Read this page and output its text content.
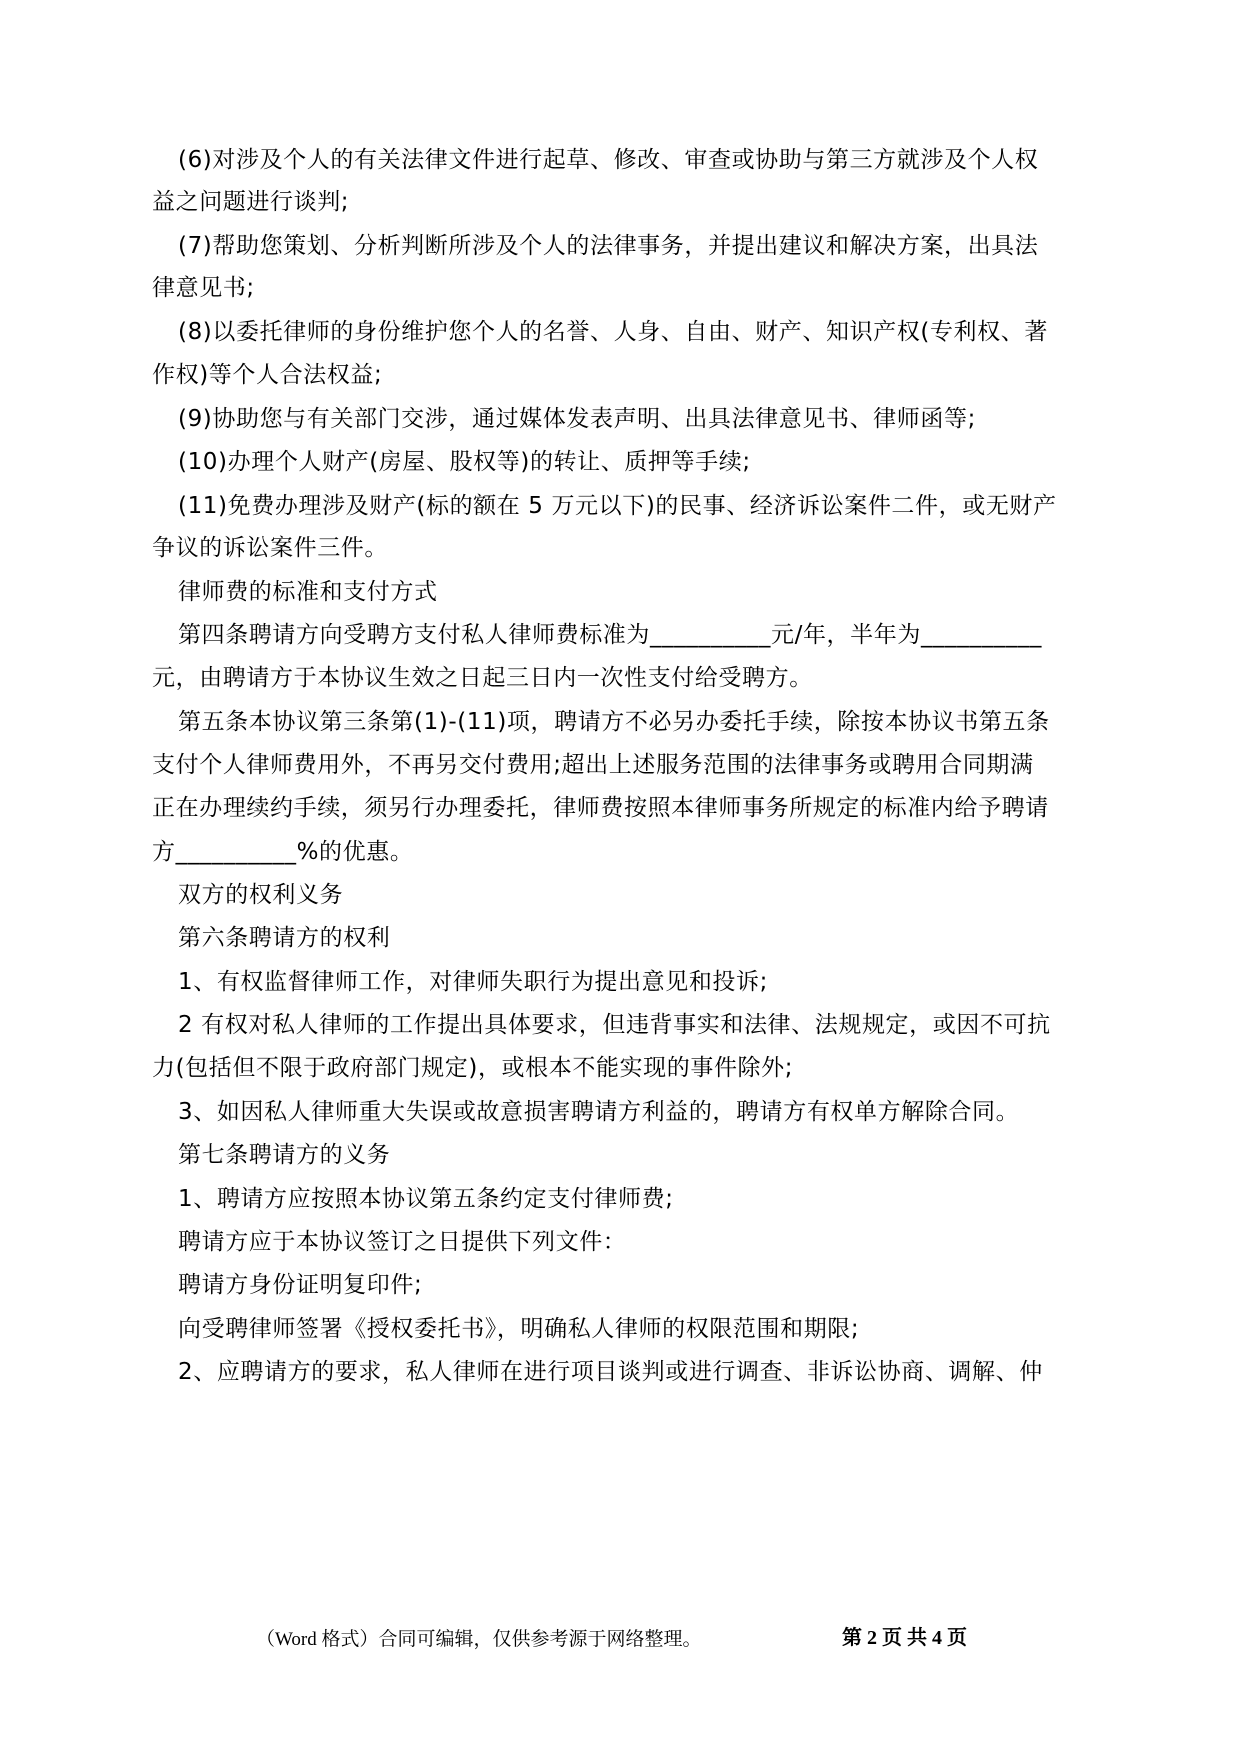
(6)对涉及个人的有关法律文件进行起草、修改、审查或协助与第三方就涉及个人权
益之问题进行谈判;
(7)帮助您策划、分析判断所涉及个人的法律事务，并提出建议和解决方案，出具法
律意见书;
(8)以委托律师的身份维护您个人的名誉、人身、自由、财产、知识产权(专利权、著
作权)等个人合法权益;
(9)协助您与有关部门交涉，通过媒体发表声明、出具法律意见书、律师函等;
(10)办理个人财产(房屋、股权等)的转让、质押等手续;
(11)免费办理涉及财产(标的额在 5 万元以下)的民事、经济诉讼案件二件，或无财产
争议的诉讼案件三件。
律师费的标准和支付方式
第四条聘请方向受聘方支付私人律师费标准为__________元/年，半年为__________
元，由聘请方于本协议生效之日起三日内一次性支付给受聘方。
第五条本协议第三条第(1)-(11)项，聘请方不必另办委托手续，除按本协议书第五条
支付个人律师费用外，不再另交付费用;超出上述服务范围的法律事务或聘用合同期满
正在办理续约手续，须另行办理委托，律师费按照本律师事务所规定的标准内给予聘请
方__________%的优惠。
双方的权利义务
第六条聘请方的权利
1、有权监督律师工作，对律师失职行为提出意见和投诉;
2 有权对私人律师的工作提出具体要求，但违背事实和法律、法规规定，或因不可抗
力(包括但不限于政府部门规定)，或根本不能实现的事件除外;
3、如因私人律师重大失误或故意损害聘请方利益的，聘请方有权单方解除合同。
第七条聘请方的义务
1、聘请方应按照本协议第五条约定支付律师费;
聘请方应于本协议签订之日提供下列文件：
聘请方身份证明复印件;
向受聘律师签署《授权委托书》，明确私人律师的权限范围和期限;
2、应聘请方的要求，私人律师在进行项目谈判或进行调查、非诉讼协商、调解、仲
（Word 格式）合同可编辑，仅供参考源于网络整理。	第 2 页 共 4 页
